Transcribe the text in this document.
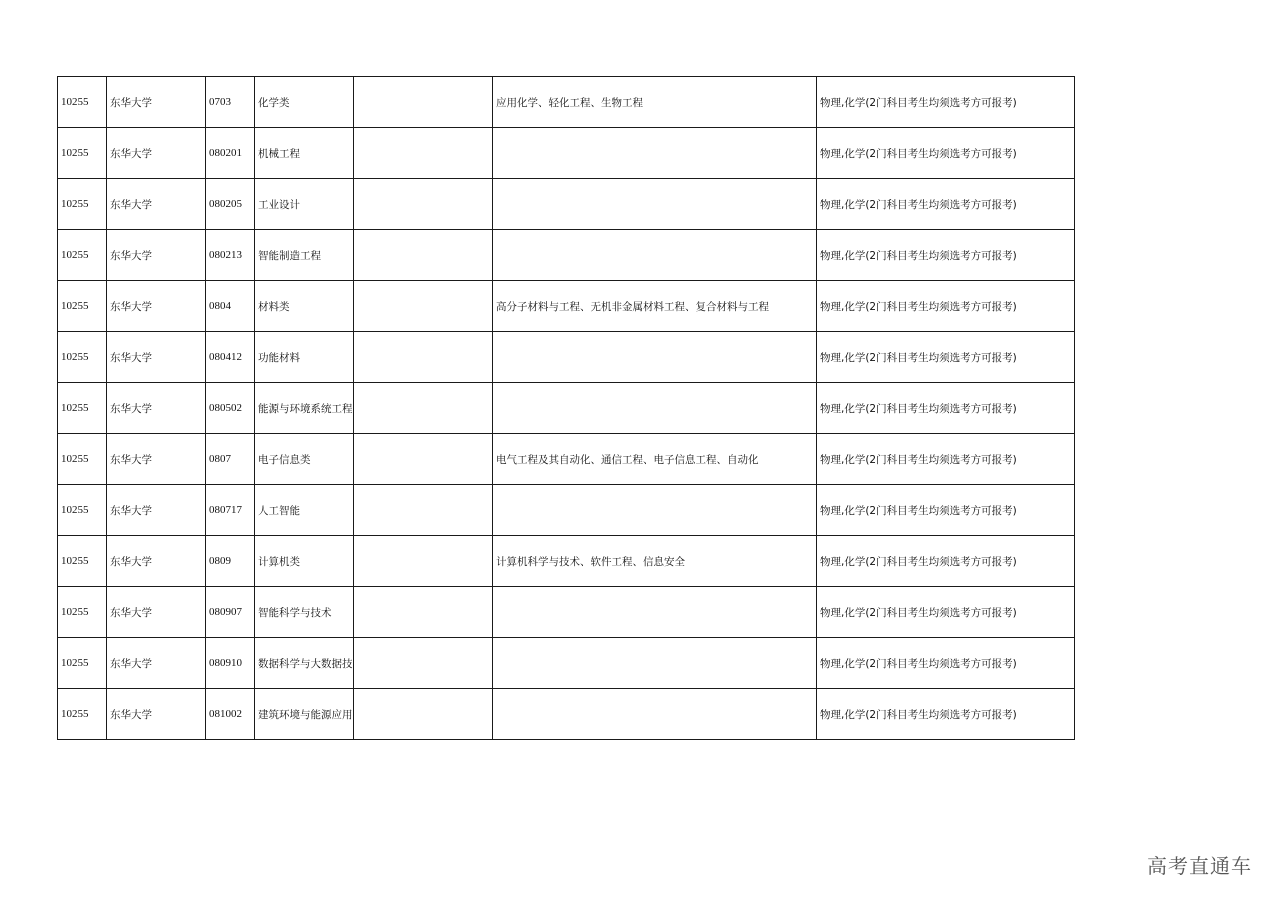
10255	东华大学	0703	化学类		应用化学、轻化工程、生物工程	物理,化学(2门科目考生均须选考方可报考)
10255	东华大学	080201	机械工程			物理,化学(2门科目考生均须选考方可报考)
10255	东华大学	080205	工业设计			物理,化学(2门科目考生均须选考方可报考)
10255	东华大学	080213	智能制造工程			物理,化学(2门科目考生均须选考方可报考)
10255	东华大学	0804	材料类		高分子材料与工程、无机非金属材料工程、复合材料与工程	物理,化学(2门科目考生均须选考方可报考)
10255	东华大学	080412	功能材料			物理,化学(2门科目考生均须选考方可报考)
10255	东华大学	080502	能源与环境系统工程			物理,化学(2门科目考生均须选考方可报考)
10255	东华大学	0807	电子信息类		电气工程及其自动化、通信工程、电子信息工程、自动化	物理,化学(2门科目考生均须选考方可报考)
10255	东华大学	080717	人工智能			物理,化学(2门科目考生均须选考方可报考)
10255	东华大学	0809	计算机类		计算机科学与技术、软件工程、信息安全	物理,化学(2门科目考生均须选考方可报考)
10255	东华大学	080907	智能科学与技术			物理,化学(2门科目考生均须选考方可报考)
10255	东华大学	080910	数据科学与大数据技			物理,化学(2门科目考生均须选考方可报考)
10255	东华大学	081002	建筑环境与能源应用			物理,化学(2门科目考生均须选考方可报考)
高考直通车
